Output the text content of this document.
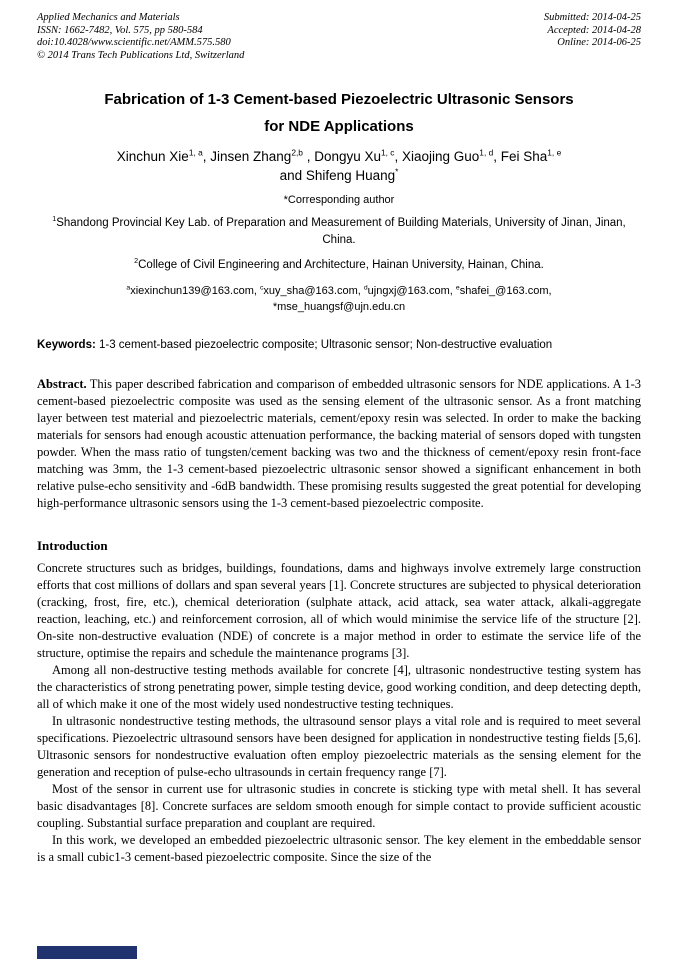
Applied Mechanics and Materials
ISSN: 1662-7482, Vol. 575, pp 580-584
doi:10.4028/www.scientific.net/AMM.575.580
© 2014 Trans Tech Publications Ltd, Switzerland
Submitted: 2014-04-25
Accepted: 2014-04-28
Online: 2014-06-25
Fabrication of 1-3 Cement-based Piezoelectric Ultrasonic Sensors
for NDE Applications
Xinchun Xie$^{1, a}$, Jinsen Zhang$^{2,b}$ , Dongyu Xu$^{1, c}$, Xiaojing Guo$^{1, d}$, Fei Sha$^{1, e}$
and Shifeng Huang*
*Corresponding author
$^1$Shandong Provincial Key Lab. of Preparation and Measurement of Building Materials, University of Jinan, Jinan, China.
$^2$College of Civil Engineering and Architecture, Hainan University, Hainan, China.
$^a$xiexinchun139@163.com, $^c$xuy_sha@163.com, $^d$ujngxj@163.com, $^e$shafei_@163.com,
*mse_huangsf@ujn.edu.cn
Keywords: 1-3 cement-based piezoelectric composite; Ultrasonic sensor; Non-destructive evaluation
Abstract. This paper described fabrication and comparison of embedded ultrasonic sensors for NDE applications. A 1-3 cement-based piezoelectric composite was used as the sensing element of the ultrasonic sensor. As a front matching layer between test material and piezoelectric materials, cement/epoxy resin was selected. In order to make the backing materials for sensors had enough acoustic attenuation performance, the backing material of sensors doped with tungsten powder. When the mass ratio of tungsten/cement backing was two and the thickness of cement/epoxy resin front-face matching was 3mm, the 1-3 cement-based piezoelectric ultrasonic sensor showed a significant enhancement in both relative pulse-echo sensitivity and -6dB bandwidth. These promising results suggested the great potential for developing high-performance ultrasonic sensors using the 1-3 cement-based piezoelectric composite.
Introduction

Concrete structures such as bridges, buildings, foundations, dams and highways involve extremely large construction efforts that cost millions of dollars and span several years [1]. Concrete structures are subjected to physical deterioration (cracking, frost, fire, etc.), chemical deterioration (sulphate attack, acid attack, sea water attack, alkali-aggregate reaction, leaching, etc.) and reinforcement corrosion, all of which would minimise the service life of the structure [2]. On-site non-destructive evaluation (NDE) of concrete is a major method in order to estimate the service life of the structure, optimise the repairs and schedule the maintenance programs [3].

Among all non-destructive testing methods available for concrete [4], ultrasonic nondestructive testing system has the characteristics of strong penetrating power, simple testing device, good working condition, and deep detecting depth, all of which make it one of the most widely used nondestructive testing techniques.

In ultrasonic nondestructive testing methods, the ultrasound sensor plays a vital role and is required to meet several specifications. Piezoelectric ultrasound sensors have been designed for application in nondestructive testing fields [5,6]. Ultrasonic sensors for nondestructive evaluation often employ piezoelectric materials as the sensing element for the generation and reception of pulse-echo ultrasounds in certain frequency range [7].

Most of the sensor in current use for ultrasonic studies in concrete is sticking type with metal shell. It has several basic disadvantages [8]. Concrete surfaces are seldom smooth enough for simple contact to provide sufficient acoustic coupling. Substantial surface preparation and couplant are required.

In this work, we developed an embedded piezoelectric ultrasonic sensor. The key element in the embeddable sensor is a small cubic1-3 cement-based piezoelectric composite. Since the size of the
